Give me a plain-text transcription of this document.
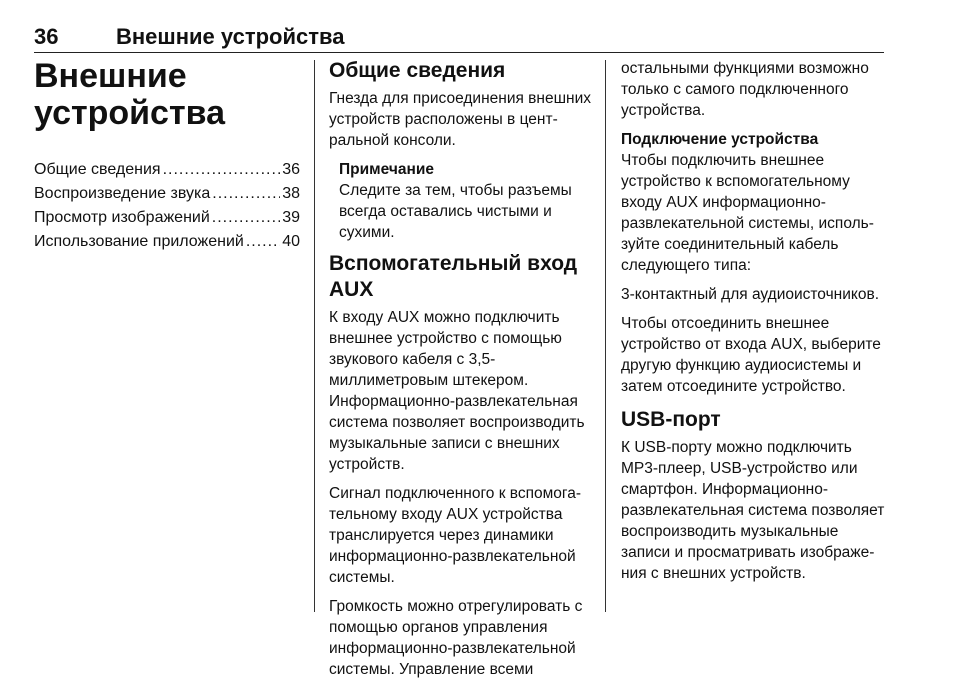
36	Внешние устройства
Внешние
устройства
Общие сведения .....	36
Воспроизведение звука .....	38
Просмотр изображений .....	39
Использование приложений ..... 40
Общие сведения

Гнезда для присоединения внешних устройств расположены в центральной консоли.

Примечание

Следите за тем, чтобы разъемы всегда оставались чистыми и сухими.

Вспомогательный вход AUX

К входу AUX можно подключить внешнее устройство с помощью звукового кабеля с 3,5-миллиметровым штекером. Информационно-развлекательная система позволяет воспроизводить музыкальные записи с внешних устройств.

Сигнал подключенного к вспомогательному входу AUX устройства транслируется через динамики информационно-развлекательной системы.

Громкость можно отрегулировать с помощью органов управления информационно-развлекательной системы. Управление всеми

остальными функциями возможно только с самого подключенного устройства.

Подключение устройства

Чтобы подключить внешнее устройство к вспомогательному входу AUX информационно-развлекательной системы, используйте соединительный кабель следующего типа:

3-контактный для аудиоисточников.

Чтобы отсоединить внешнее устройство от входа AUX, выберите другую функцию аудиосистемы и затем отсоедините устройство.

USB-порт

К USB-порту можно подключить MP3-плеер, USB-устройство или смартфон. Информационно-развлекательная система позволяет воспроизводить музыкальные записи и просматривать изображения с внешних устройств.
